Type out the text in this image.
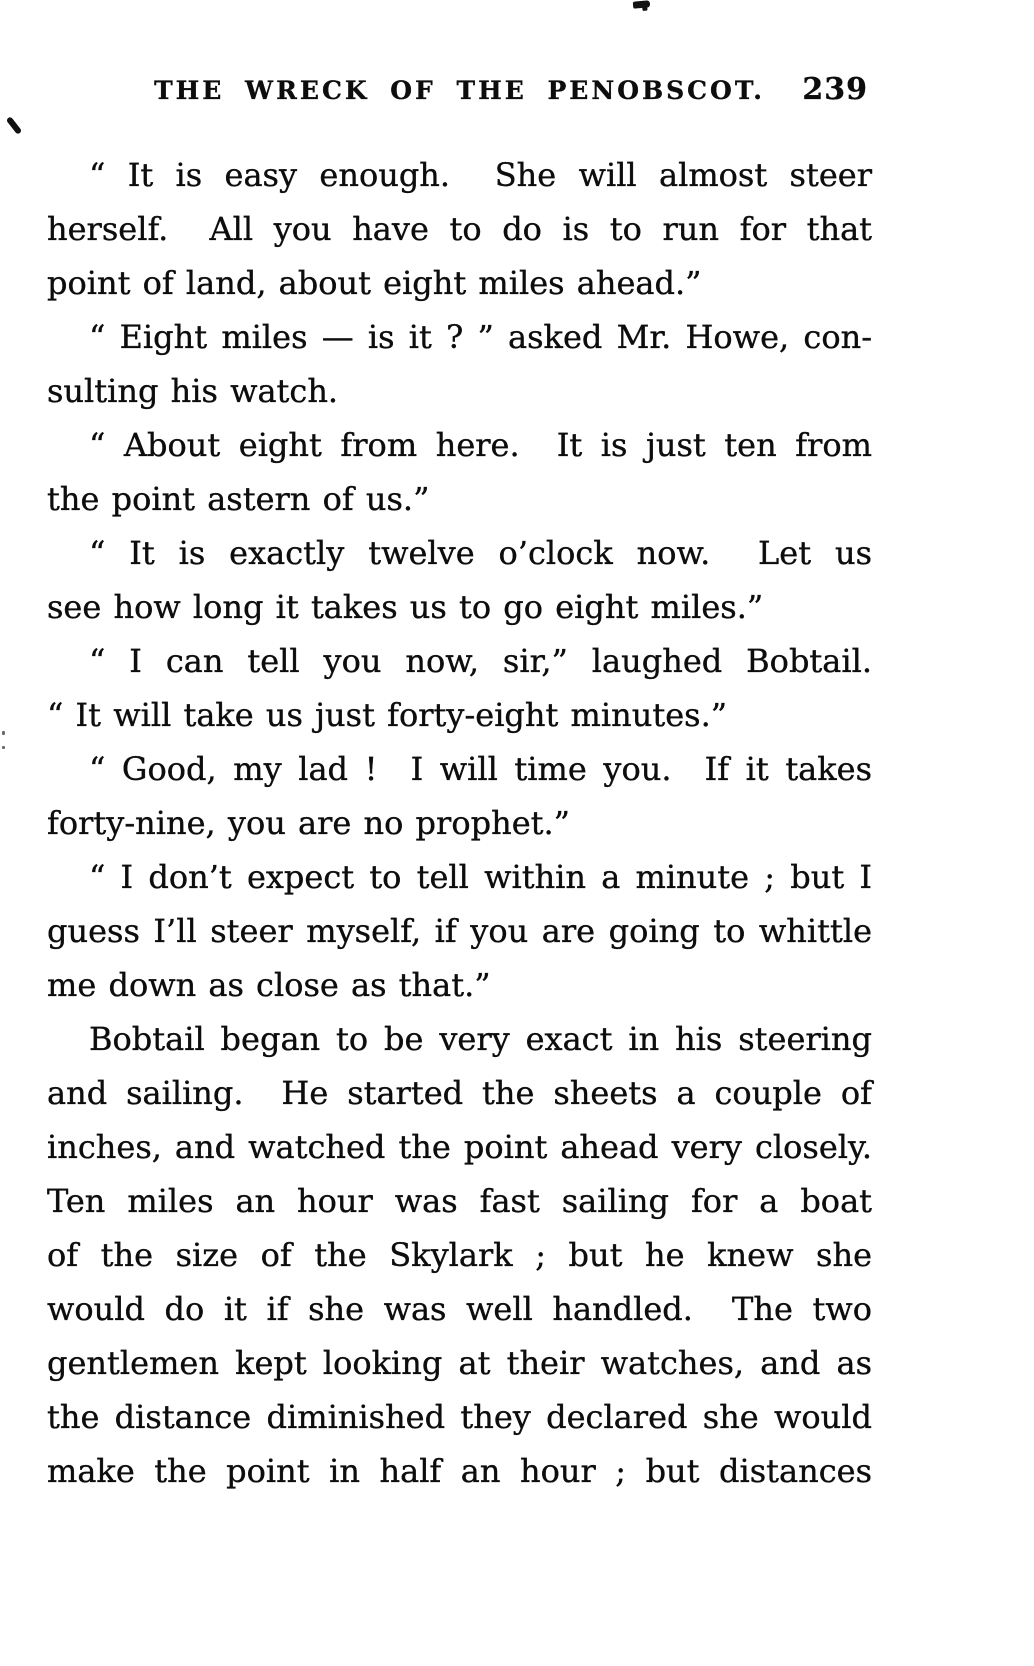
THE WRECK OF THE PENOBSCOT.	239
“ It is easy enough.  She will almost steer
herself.  All you have to do is to run for that
point of land, about eight miles ahead.”
“ Eight miles — is it ? ” asked Mr. Howe, con-
sulting his watch.
“ About eight from here.  It is just ten from
the point astern of us.”
“ It is exactly twelve o’clock now.  Let us
see how long it takes us to go eight miles.”
“ I can tell you now, sir,” laughed Bobtail.
“ It will take us just forty-eight minutes.”
“ Good, my lad !  I will time you.  If it takes
forty-nine, you are no prophet.”
“ I don’t expect to tell within a minute ; but I
guess I’ll steer myself, if you are going to whittle
me down as close as that.”
Bobtail began to be very exact in his steering
and sailing.  He started the sheets a couple of
inches, and watched the point ahead very closely.
Ten miles an hour was fast sailing for a boat
of the size of the Skylark ; but he knew she
would do it if she was well handled.  The two
gentlemen kept looking at their watches, and as
the distance diminished they declared she would
make the point in half an hour ; but distances
